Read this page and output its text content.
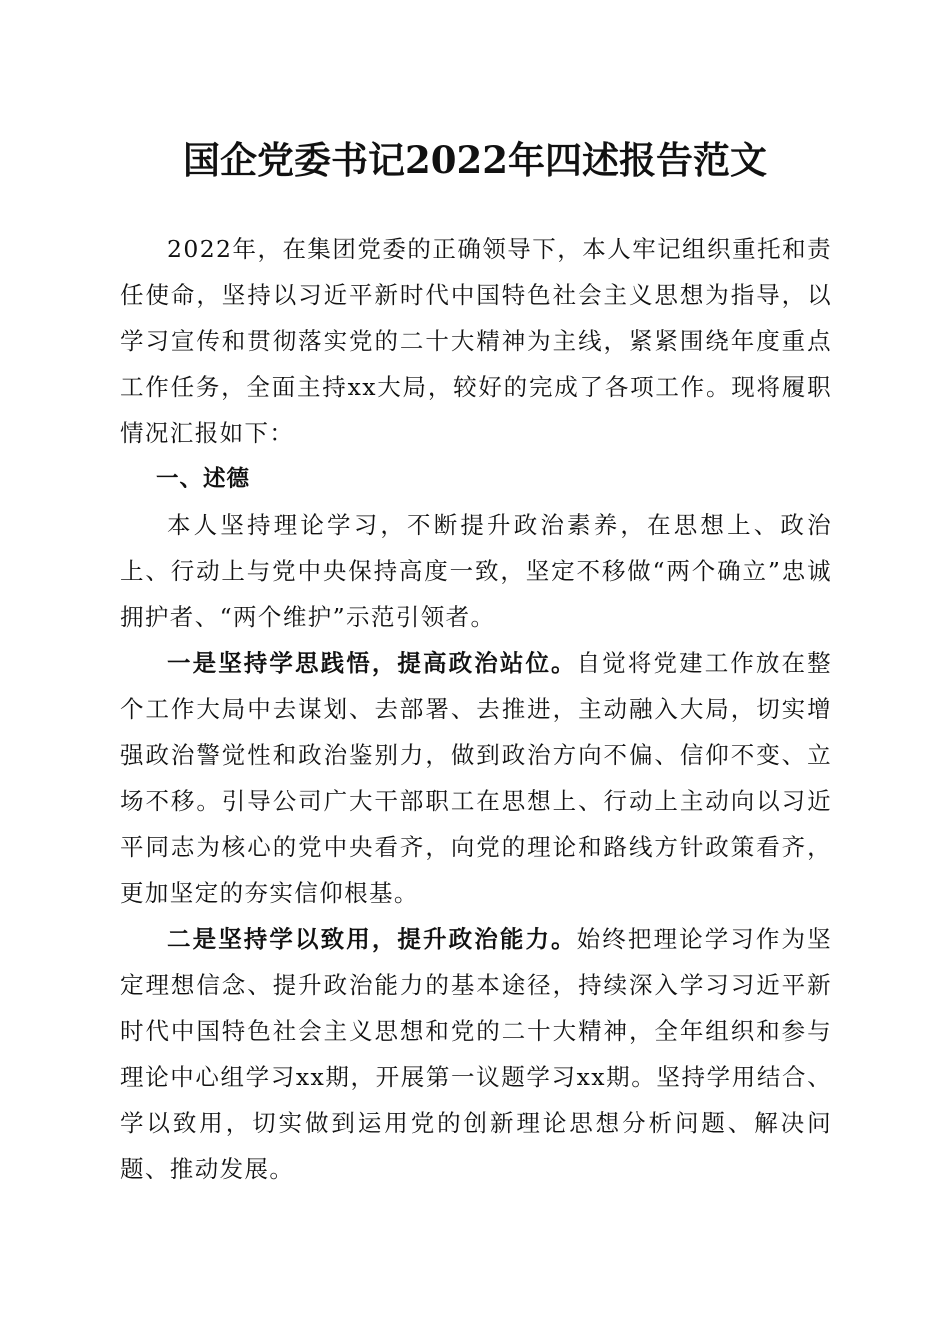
国企党委书记2022年四述报告范文

2022年，在集团党委的正确领导下，本人牢记组织重托和责任使命，坚持以习近平新时代中国特色社会主义思想为指导，以学习宣传和贯彻落实党的二十大精神为主线，紧紧围绕年度重点工作任务，全面主持xx大局，较好的完成了各项工作。现将履职情况汇报如下：

一、述德

本人坚持理论学习，不断提升政治素养，在思想上、政治上、行动上与党中央保持高度一致，坚定不移做“两个确立”忠诚拥护者、“两个维护”示范引领者。

一是坚持学思践悟，提高政治站位。自觉将党建工作放在整个工作大局中去谋划、去部署、去推进，主动融入大局，切实增强政治警觉性和政治鉴别力，做到政治方向不偏、信仰不变、立场不移。引导公司广大干部职工在思想上、行动上主动向以习近平同志为核心的党中央看齐，向党的理论和路线方针政策看齐，更加坚定的夯实信仰根基。

二是坚持学以致用，提升政治能力。始终把理论学习作为坚定理想信念、提升政治能力的基本途径，持续深入学习习近平新时代中国特色社会主义思想和党的二十大精神，全年组织和参与理论中心组学习xx期，开展第一议题学习xx期。坚持学用结合、学以致用，切实做到运用党的创新理论思想分析问题、解决问题、推动发展。
